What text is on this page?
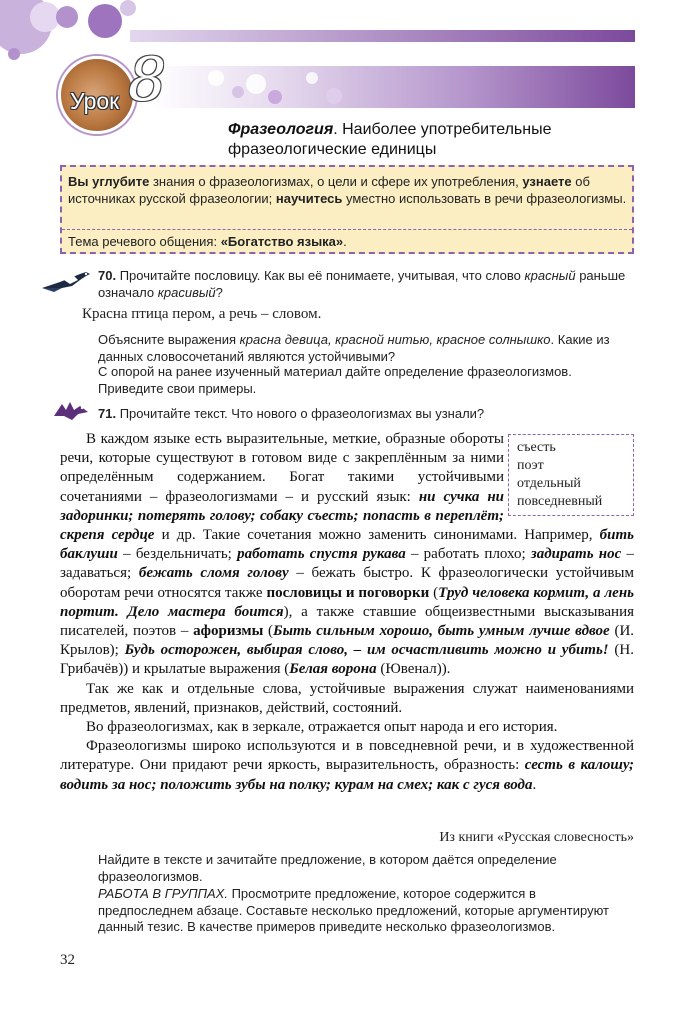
Урок 8
Фразеология. Наиболее употребительные
фразеологические единицы
Вы углубите знания о фразеологизмах, о цели и сфере их употребления, узнаете об источниках русской фразеологии; научитесь уместно использовать в речи фразеологизмы.
Тема речевого общения: «Богатство языка».
70. Прочитайте пословицу. Как вы её понимаете, учитывая, что слово красный раньше означало красивый?
Красна птица пером, а речь – словом.
Объясните выражения красна девица, красной нитью, красное солнышко. Какие из данных словосочетаний являются устойчивыми?
С опорой на ранее изученный материал дайте определение фразеологизмов. Приведите свои примеры.
71. Прочитайте текст. Что нового о фразеологизмах вы узнали?
съесть
поэт
отдельный
повседневный

В каждом языке есть выразительные, меткие, образные обороты речи, которые существуют в готовом виде с закреплённым за ними определённым содержанием. Богат такими устойчивыми сочетаниями – фразеологизмами – и русский язык: ни сучка ни задоринки; потерять голову; собаку съесть; попасть в переплёт; скрепя сердце и др. Такие сочетания можно заменить синонимами. Например, бить баклуши – бездельничать; работать спустя рукава – работать плохо; задирать нос – задаваться; бежать сломя голову – бежать быстро. К фразеологически устойчивым оборотам речи относятся также пословицы и поговорки (Труд человека кормит, а лень портит. Дело мастера боится), а также ставшие общеизвестными высказывания писателей, поэтов – афоризмы (Быть сильным хорошо, быть умным лучше вдвое (И. Крылов); Будь осторожен, выбирая слово, – им осчастливить можно и убить! (Н. Грибачёв)) и крылатые выражения (Белая ворона (Ювенал)).

Так же как и отдельные слова, устойчивые выражения служат наименованиями предметов, явлений, признаков, действий, состояний.

Во фразеологизмах, как в зеркале, отражается опыт народа и его история.

Фразеологизмы широко используются и в повседневной речи, и в художественной литературе. Они придают речи яркость, выразительность, образность: сесть в калошу; водить за нос; положить зубы на полку; курам на смех; как с гуся вода.

Из книги «Русская словесность»
Найдите в тексте и зачитайте предложение, в котором даётся определение фразеологизмов.
РАБОТА В ГРУППАХ. Просмотрите предложение, которое содержится в предпоследнем абзаце. Составьте несколько предложений, которые аргументируют данный тезис. В качестве примеров приведите несколько фразеологизмов.
32
